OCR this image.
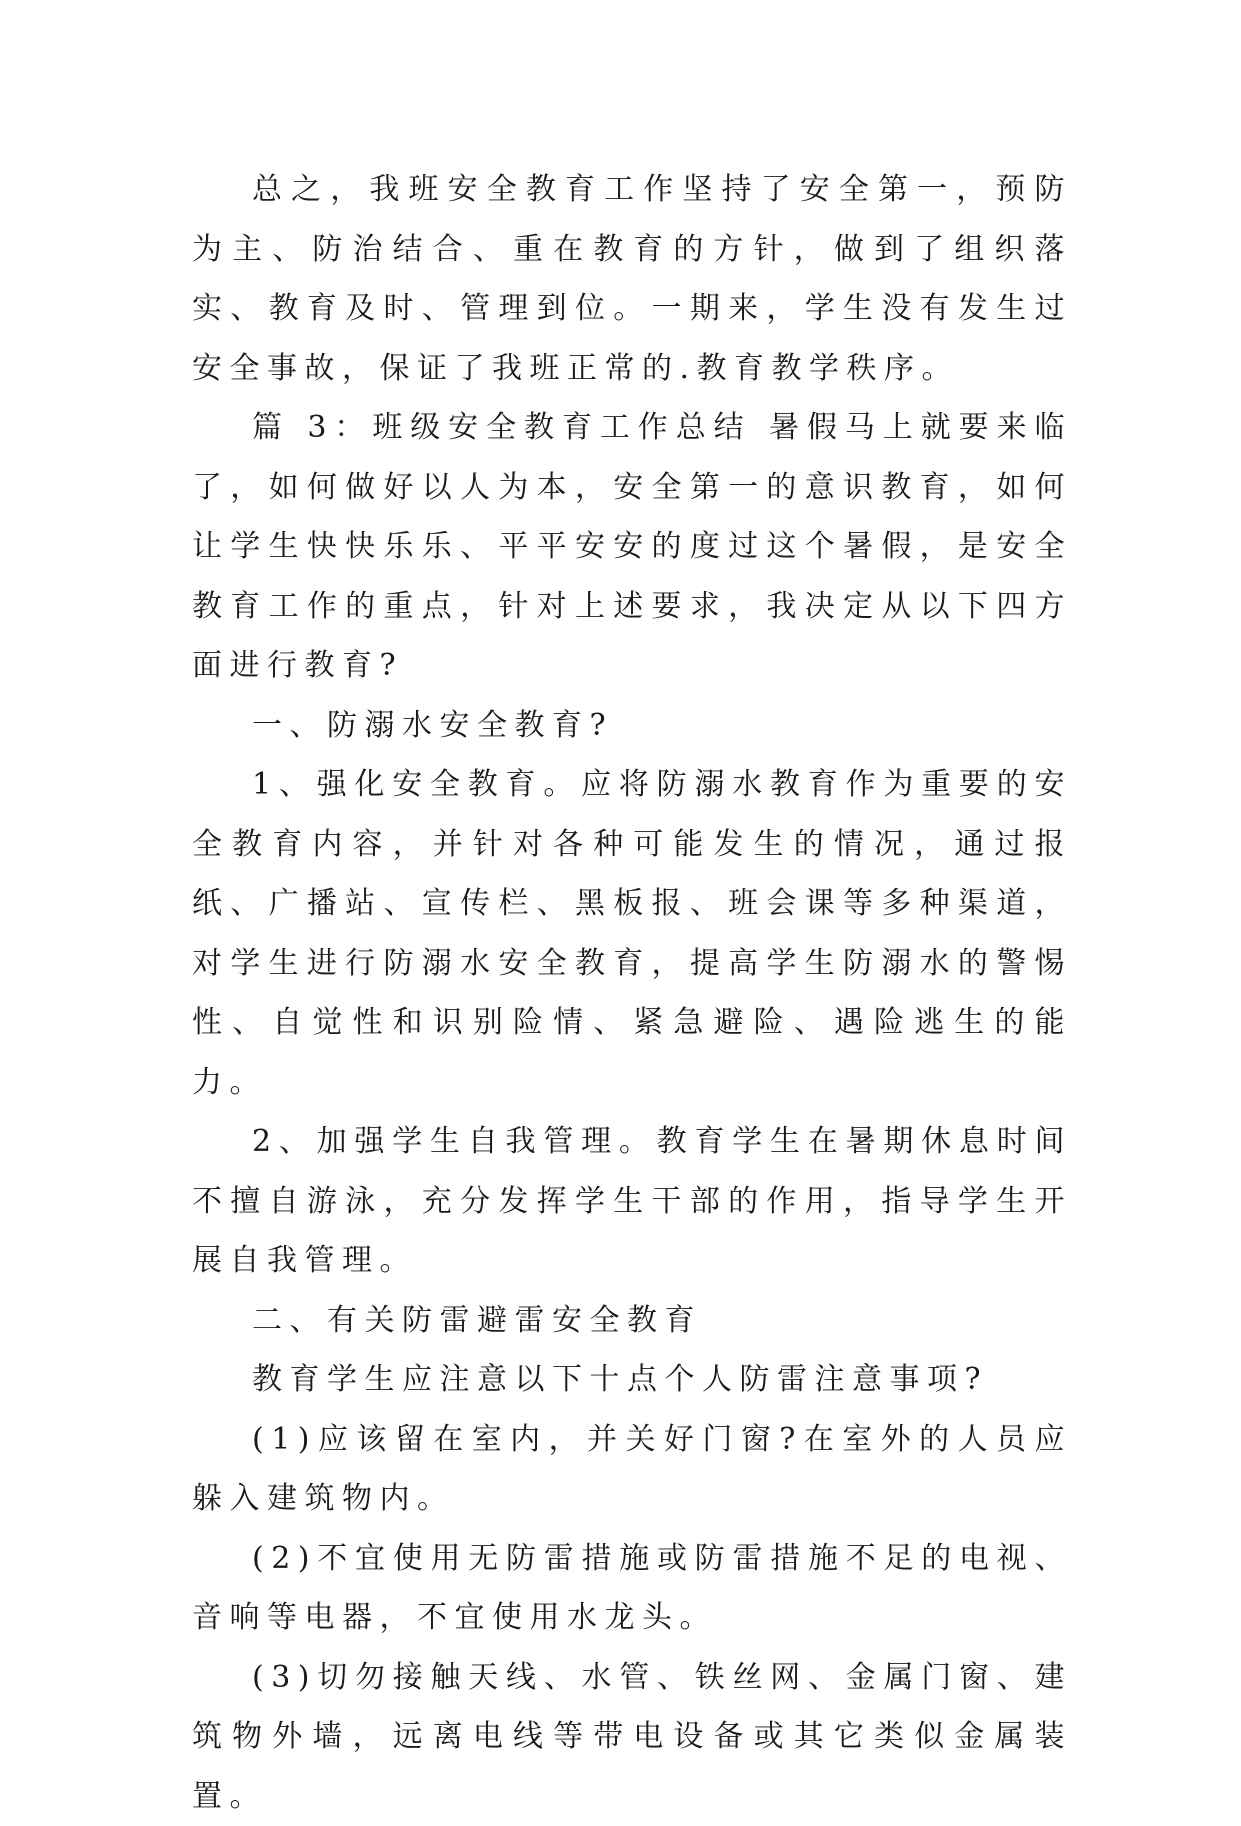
总之，我班安全教育工作坚持了安全第一，预防为主、防治结合、重在教育的方针，做到了组织落实、教育及时、管理到位。一期来，学生没有发生过安全事故，保证了我班正常的.教育教学秩序。

篇 3：班级安全教育工作总结 暑假马上就要来临了，如何做好以人为本，安全第一的意识教育，如何让学生快快乐乐、平平安安的度过这个暑假，是安全教育工作的重点，针对上述要求，我决定从以下四方面进行教育?

一、防溺水安全教育?

1、强化安全教育。应将防溺水教育作为重要的安全教育内容，并针对各种可能发生的情况，通过报纸、广播站、宣传栏、黑板报、班会课等多种渠道，对学生进行防溺水安全教育，提高学生防溺水的警惕性、自觉性和识别险情、紧急避险、遇险逃生的能力。

2、加强学生自我管理。教育学生在暑期休息时间不擅自游泳，充分发挥学生干部的作用，指导学生开展自我管理。

二、有关防雷避雷安全教育

教育学生应注意以下十点个人防雷注意事项?

(1)应该留在室内，并关好门窗?在室外的人员应躲入建筑物内。

(2)不宜使用无防雷措施或防雷措施不足的电视、音响等电器，不宜使用水龙头。

(3)切勿接触天线、水管、铁丝网、金属门窗、建筑物外墙，远离电线等带电设备或其它类似金属装置。
